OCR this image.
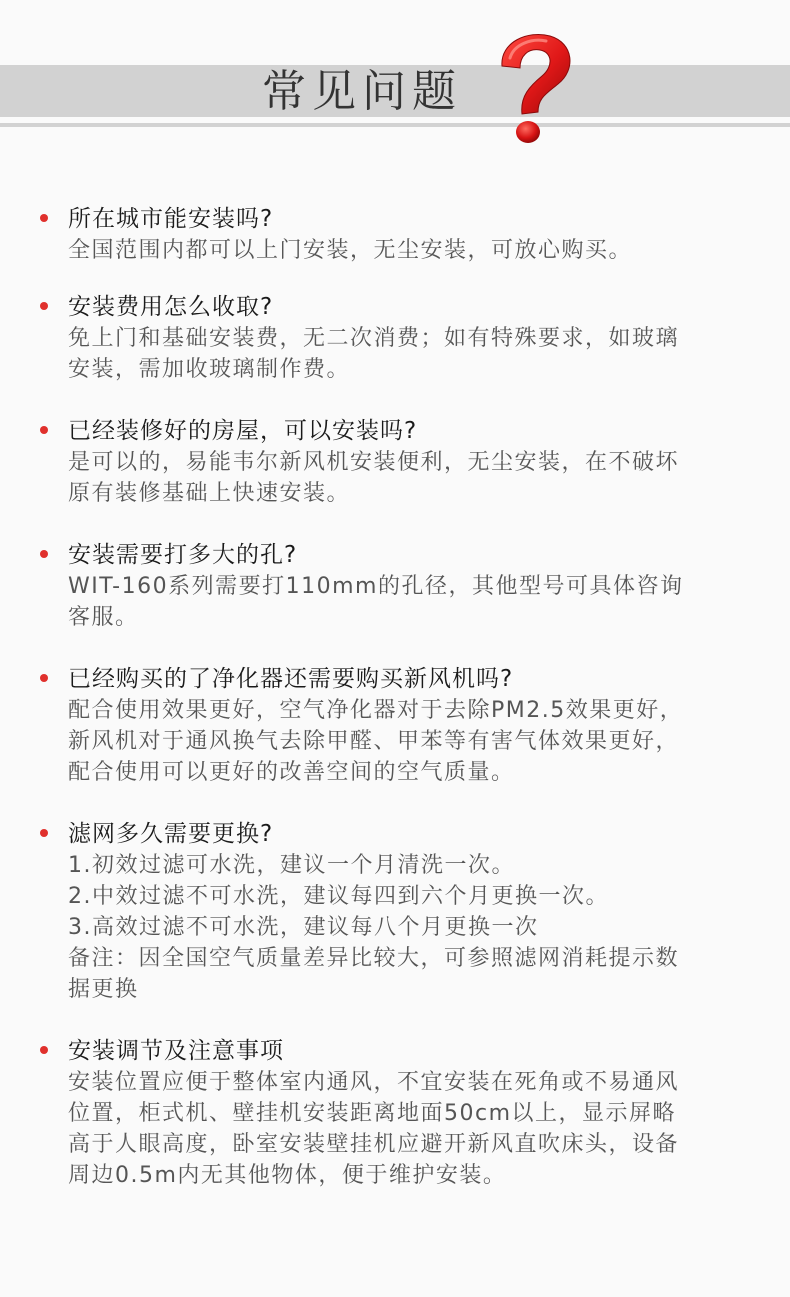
常见问题
所在城市能安装吗?
全国范围内都可以上门安装，无尘安装，可放心购买。
安装费用怎么收取?
免上门和基础安装费，无二次消费；如有特殊要求，如玻璃
安装，需加收玻璃制作费。
已经装修好的房屋，可以安装吗?
是可以的，易能韦尔新风机安装便利，无尘安装，在不破坏
原有装修基础上快速安装。
安装需要打多大的孔?
WIT-160系列需要打110mm的孔径，其他型号可具体咨询
客服。
已经购买的了净化器还需要购买新风机吗?
配合使用效果更好，空气净化器对于去除PM2.5效果更好，
新风机对于通风换气去除甲醛、甲苯等有害气体效果更好，
配合使用可以更好的改善空间的空气质量。
滤网多久需要更换?
1.初效过滤可水洗，建议一个月清洗一次。
2.中效过滤不可水洗，建议每四到六个月更换一次。
3.高效过滤不可水洗，建议每八个月更换一次
备注：因全国空气质量差异比较大，可参照滤网消耗提示数
据更换
安装调节及注意事项
安装位置应便于整体室内通风，不宜安装在死角或不易通风
位置，柜式机、壁挂机安装距离地面50cm以上，显示屏略
高于人眼高度，卧室安装壁挂机应避开新风直吹床头，设备
周边0.5m内无其他物体，便于维护安装。
